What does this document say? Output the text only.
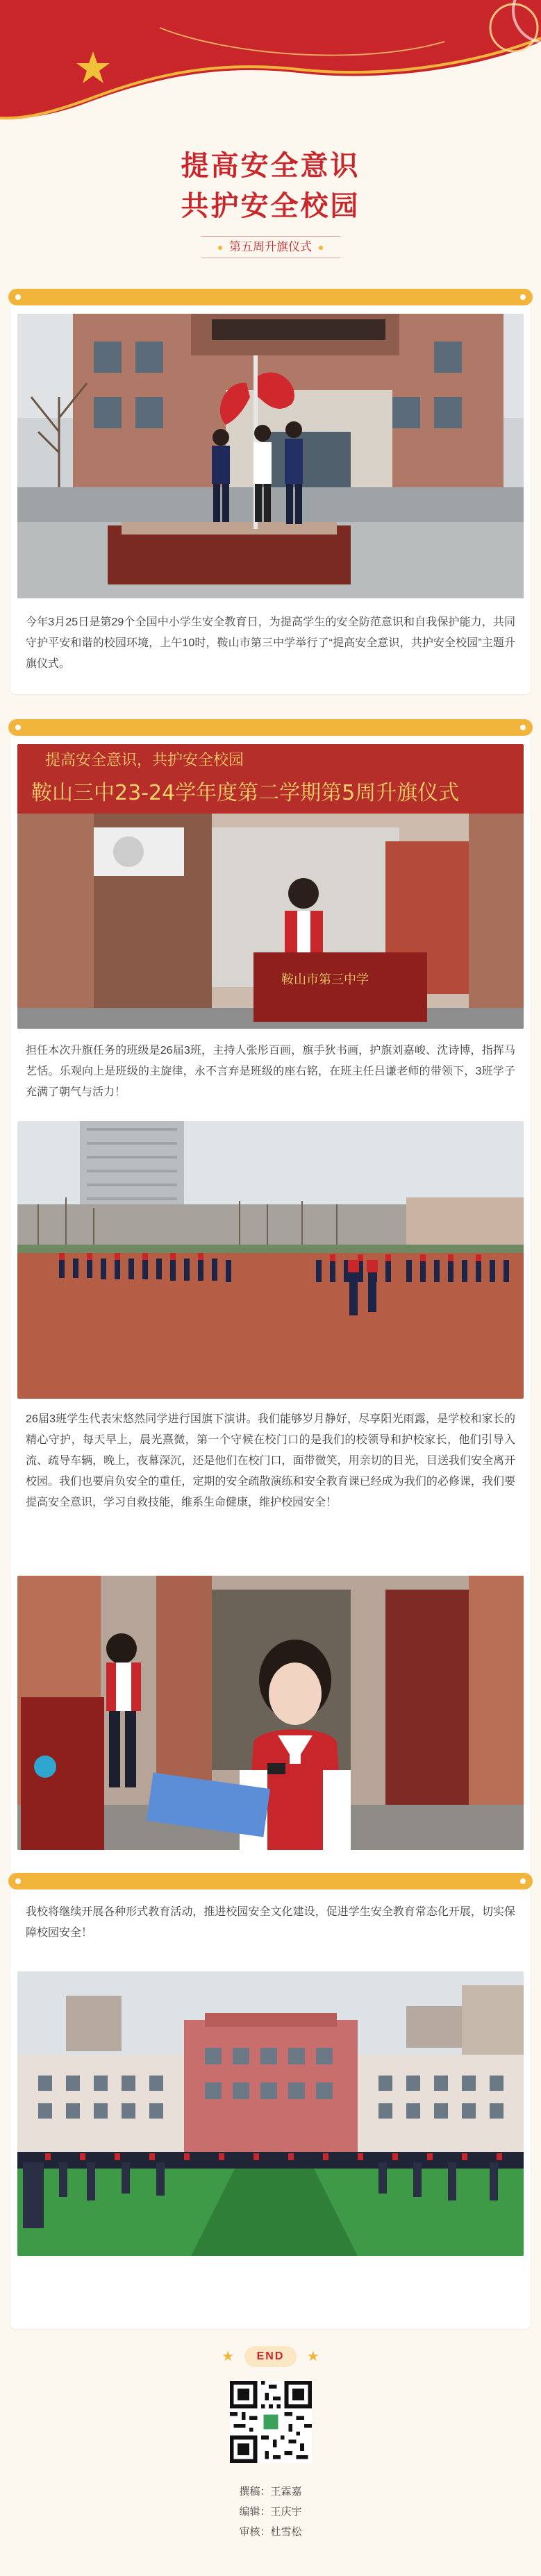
提高安全意识
共护安全校园
第五周升旗仪式
今年3月25日是第29个全国中小学生安全教育日，为提高学生的安全防范意识和自我保护能力，共同守护平安和谐的校园环境，上午10时，鞍山市第三中学举行了“提高安全意识，共护安全校园”主题升旗仪式。
提高安全意识，共护安全校园
鞍山三中23-24学年度第二学期第5周升旗仪式
鞍山市第三中学
担任本次升旗任务的班级是26届3班，主持人张彤百画，旗手狄书画，护旗刘嘉峻、沈诗博，指挥马艺恬。乐观向上是班级的主旋律，永不言弃是班级的座右铭，在班主任吕谦老师的带领下，3班学子充满了朝气与活力！
26届3班学生代表宋悠然同学进行国旗下演讲。我们能够岁月静好，尽享阳光雨露，是学校和家长的精心守护，每天早上，晨光熹微，第一个守候在校门口的是我们的校领导和护校家长，他们引导入流、疏导车辆，晚上，夜幕深沉，还是他们在校门口，面带微笑，用亲切的目光，目送我们安全离开校园。我们也要肩负安全的重任，定期的安全疏散演练和安全教育课已经成为我们的必修课，我们要提高安全意识，学习自救技能，维系生命健康，维护校园安全！
我校将继续开展各种形式教育活动，推进校园安全文化建设，促进学生安全教育常态化开展，切实保障校园安全！
★ END ★
撰稿：王霖嘉
编辑：王庆宇
审核：杜雪松
